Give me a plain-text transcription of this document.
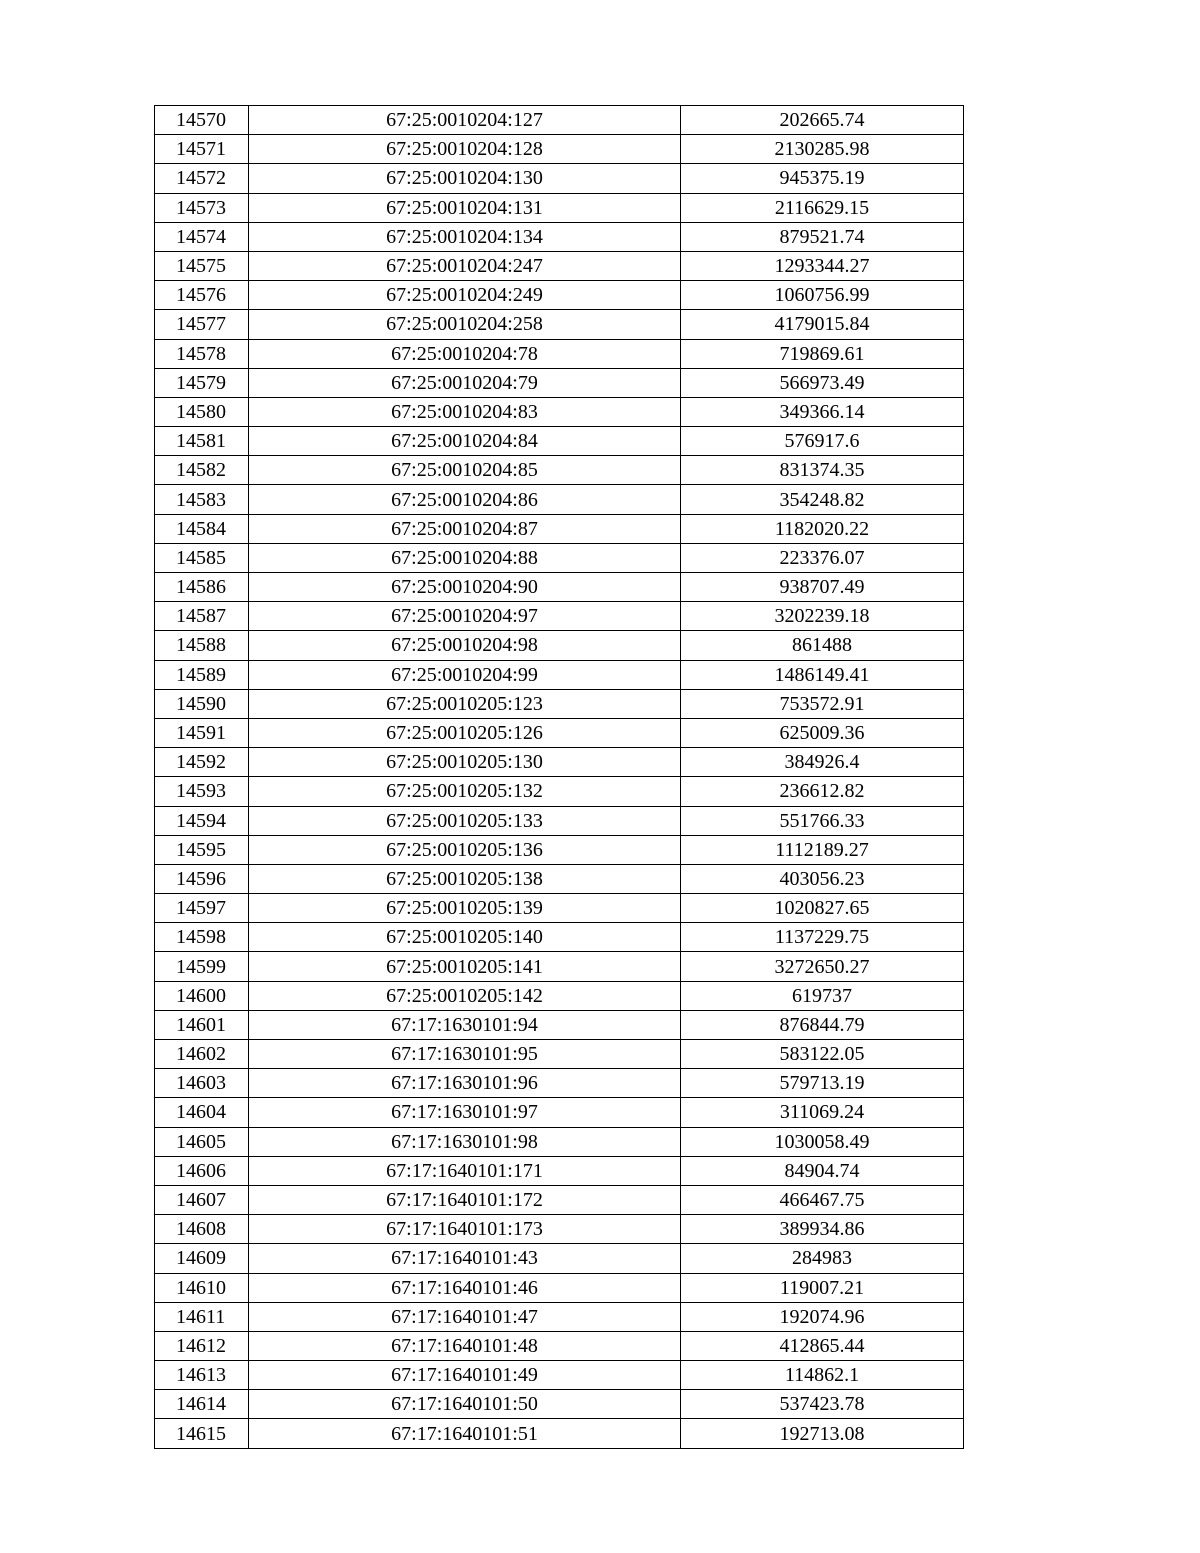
14570	67:25:0010204:127	202665.74
14571	67:25:0010204:128	2130285.98
14572	67:25:0010204:130	945375.19
14573	67:25:0010204:131	2116629.15
14574	67:25:0010204:134	879521.74
14575	67:25:0010204:247	1293344.27
14576	67:25:0010204:249	1060756.99
14577	67:25:0010204:258	4179015.84
14578	67:25:0010204:78	719869.61
14579	67:25:0010204:79	566973.49
14580	67:25:0010204:83	349366.14
14581	67:25:0010204:84	576917.6
14582	67:25:0010204:85	831374.35
14583	67:25:0010204:86	354248.82
14584	67:25:0010204:87	1182020.22
14585	67:25:0010204:88	223376.07
14586	67:25:0010204:90	938707.49
14587	67:25:0010204:97	3202239.18
14588	67:25:0010204:98	861488
14589	67:25:0010204:99	1486149.41
14590	67:25:0010205:123	753572.91
14591	67:25:0010205:126	625009.36
14592	67:25:0010205:130	384926.4
14593	67:25:0010205:132	236612.82
14594	67:25:0010205:133	551766.33
14595	67:25:0010205:136	1112189.27
14596	67:25:0010205:138	403056.23
14597	67:25:0010205:139	1020827.65
14598	67:25:0010205:140	1137229.75
14599	67:25:0010205:141	3272650.27
14600	67:25:0010205:142	619737
14601	67:17:1630101:94	876844.79
14602	67:17:1630101:95	583122.05
14603	67:17:1630101:96	579713.19
14604	67:17:1630101:97	311069.24
14605	67:17:1630101:98	1030058.49
14606	67:17:1640101:171	84904.74
14607	67:17:1640101:172	466467.75
14608	67:17:1640101:173	389934.86
14609	67:17:1640101:43	284983
14610	67:17:1640101:46	119007.21
14611	67:17:1640101:47	192074.96
14612	67:17:1640101:48	412865.44
14613	67:17:1640101:49	114862.1
14614	67:17:1640101:50	537423.78
14615	67:17:1640101:51	192713.08
